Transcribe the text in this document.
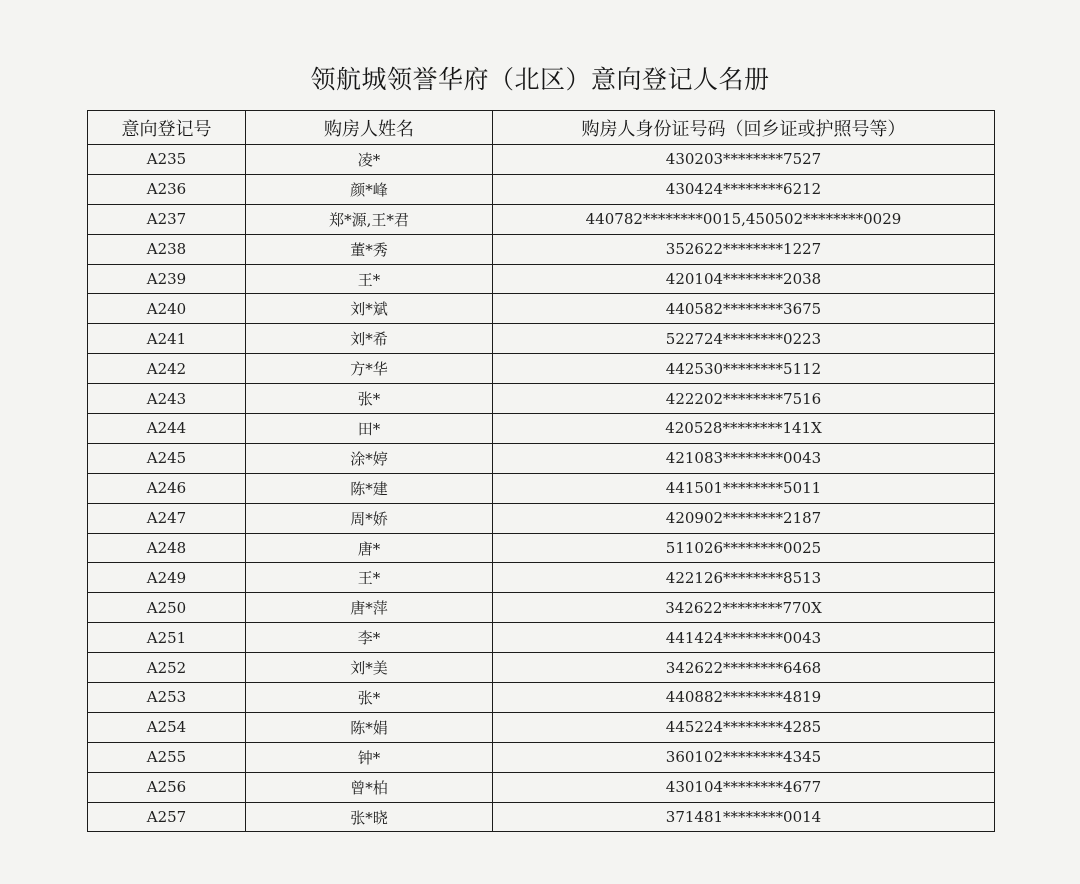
领航城领誉华府（北区）意向登记人名册
意向登记号	购房人姓名	购房人身份证号码（回乡证或护照号等）
A235	凌*	430203********7527
A236	颜*峰	430424********6212
A237	郑*源,王*君	440782********0015,450502********0029
A238	董*秀	352622********1227
A239	王*	420104********2038
A240	刘*斌	440582********3675
A241	刘*希	522724********0223
A242	方*华	442530********5112
A243	张*	422202********7516
A244	田*	420528********141X
A245	涂*婷	421083********0043
A246	陈*建	441501********5011
A247	周*娇	420902********2187
A248	唐*	511026********0025
A249	王*	422126********8513
A250	唐*萍	342622********770X
A251	李*	441424********0043
A252	刘*美	342622********6468
A253	张*	440882********4819
A254	陈*娟	445224********4285
A255	钟*	360102********4345
A256	曾*柏	430104********4677
A257	张*晓	371481********0014
